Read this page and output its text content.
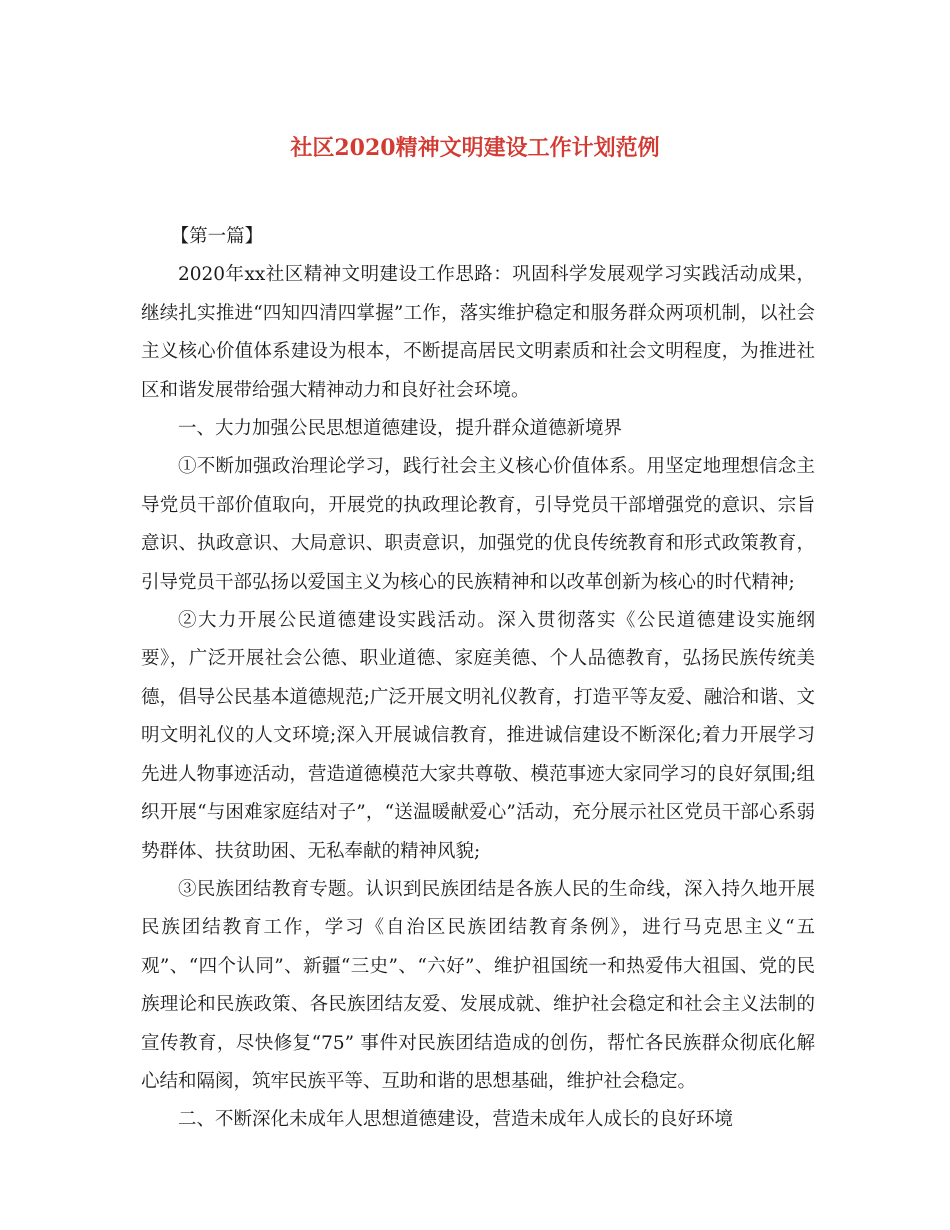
社区2020精神文明建设工作计划范例

【第一篇】

2020年xx社区精神文明建设工作思路：巩固科学发展观学习实践活动成果，继续扎实推进“四知四清四掌握”工作，落实维护稳定和服务群众两项机制，以社会主义核心价值体系建设为根本，不断提高居民文明素质和社会文明程度，为推进社区和谐发展带给强大精神动力和良好社会环境。

一、大力加强公民思想道德建设，提升群众道德新境界

①不断加强政治理论学习，践行社会主义核心价值体系。用坚定地理想信念主导党员干部价值取向，开展党的执政理论教育，引导党员干部增强党的意识、宗旨意识、执政意识、大局意识、职责意识，加强党的优良传统教育和形式政策教育，引导党员干部弘扬以爱国主义为核心的民族精神和以改革创新为核心的时代精神;

②大力开展公民道德建设实践活动。深入贯彻落实《公民道德建设实施纲要》，广泛开展社会公德、职业道德、家庭美德、个人品德教育，弘扬民族传统美德，倡导公民基本道德规范;广泛开展文明礼仪教育，打造平等友爱、融洽和谐、文明文明礼仪的人文环境;深入开展诚信教育，推进诚信建设不断深化;着力开展学习先进人物事迹活动，营造道德模范大家共尊敬、模范事迹大家同学习的良好氛围;组织开展“与困难家庭结对子”，“送温暖献爱心”活动，充分展示社区党员干部心系弱势群体、扶贫助困、无私奉献的精神风貌;

③民族团结教育专题。认识到民族团结是各族人民的生命线，深入持久地开展民族团结教育工作，学习《自治区民族团结教育条例》，进行马克思主义“五观”、“四个认同”、新疆“三史”、“六好”、维护祖国统一和热爱伟大祖国、党的民族理论和民族政策、各民族团结友爱、发展成就、维护社会稳定和社会主义法制的宣传教育，尽快修复“75” 事件对民族团结造成的创伤，帮忙各民族群众彻底化解心结和隔阂，筑牢民族平等、互助和谐的思想基础，维护社会稳定。

二、不断深化未成年人思想道德建设，营造未成年人成长的良好环境
